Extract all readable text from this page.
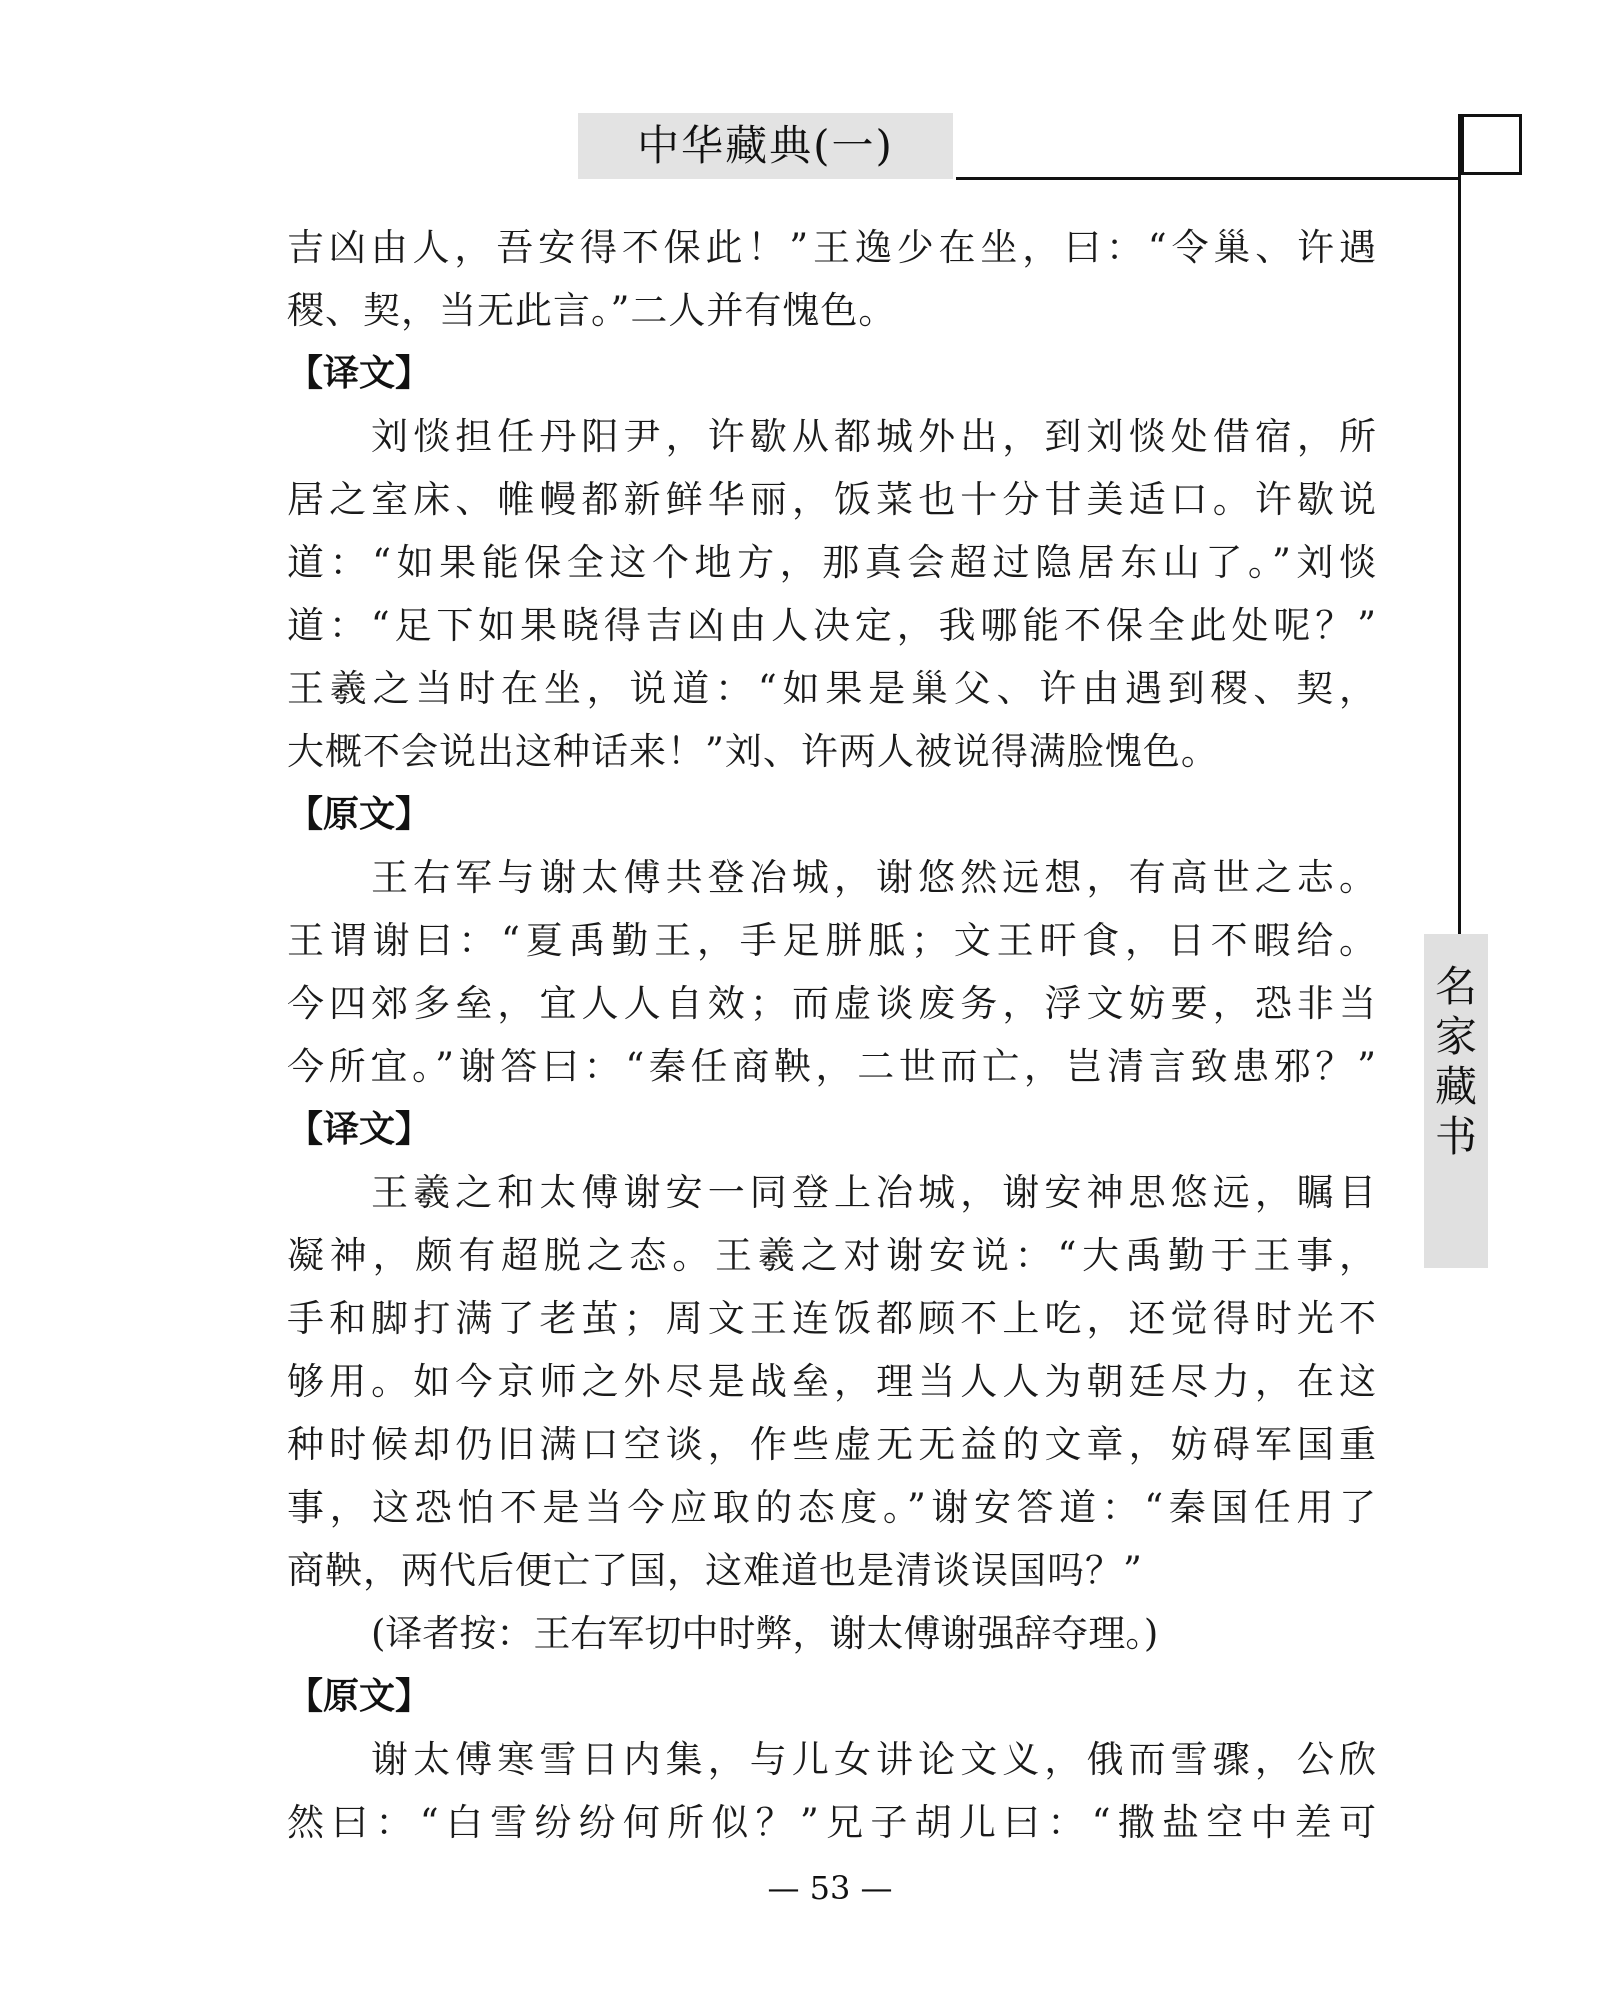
中华藏典(一)
名
家
藏
书
吉凶由人，吾安得不保此！”王逸少在坐，曰：“令巢、许遇
稷、契，当无此言。”二人并有愧色。
【译文】
刘惔担任丹阳尹，许歇从都城外出，到刘惔处借宿，所
居之室床、帷幔都新鲜华丽，饭菜也十分甘美适口。许歇说
道：“如果能保全这个地方，那真会超过隐居东山了。”刘惔
道：“足下如果晓得吉凶由人决定，我哪能不保全此处呢？”
王羲之当时在坐，说道：“如果是巢父、许由遇到稷、契，
大概不会说出这种话来！”刘、许两人被说得满脸愧色。
【原文】
王右军与谢太傅共登冶城，谢悠然远想，有高世之志。
王谓谢曰：“夏禹勤王，手足胼胝；文王旰食，日不暇给。
今四郊多垒，宜人人自效；而虚谈废务，浮文妨要，恐非当
今所宜。”谢答曰：“秦任商鞅，二世而亡，岂清言致患邪？”
【译文】
王羲之和太傅谢安一同登上冶城，谢安神思悠远，瞩目
凝神，颇有超脱之态。王羲之对谢安说：“大禹勤于王事，
手和脚打满了老茧；周文王连饭都顾不上吃，还觉得时光不
够用。如今京师之外尽是战垒，理当人人为朝廷尽力，在这
种时候却仍旧满口空谈，作些虚无无益的文章，妨碍军国重
事，这恐怕不是当今应取的态度。”谢安答道：“秦国任用了
商鞅，两代后便亡了国，这难道也是清谈误国吗？”
(译者按：王右军切中时弊，谢太傅谢强辞夺理。)
【原文】
谢太傅寒雪日内集，与儿女讲论文义，俄而雪骤，公欣
然曰：“白雪纷纷何所似？”兄子胡儿曰：“撒盐空中差可
— 53 —
